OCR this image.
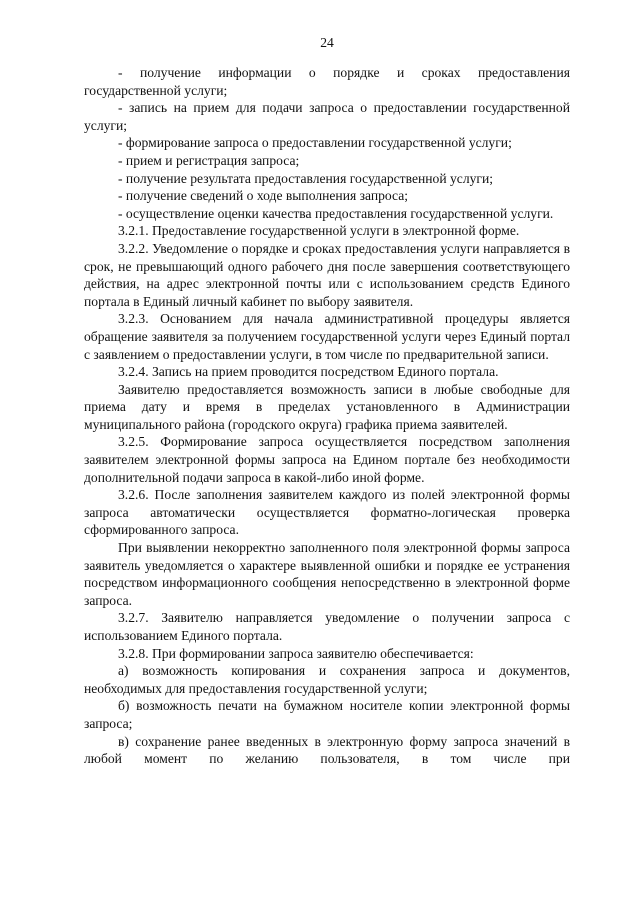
24

- получение информации о порядке и сроках предоставления государственной услуги;

- запись на прием для подачи запроса о предоставлении государственной услуги;

- формирование запроса о предоставлении государственной услуги;

- прием и регистрация запроса;

- получение результата предоставления государственной услуги;

- получение сведений о ходе выполнения запроса;

- осуществление оценки качества предоставления государственной услуги.

3.2.1. Предоставление государственной услуги в электронной форме.

3.2.2. Уведомление о порядке и сроках предоставления услуги направляется в срок, не превышающий одного рабочего дня после завершения соответствующего действия, на адрес электронной почты или с использованием средств Единого портала в Единый личный кабинет по выбору заявителя.

3.2.3. Основанием для начала административной процедуры является обращение заявителя за получением государственной услуги через Единый портал с заявлением о предоставлении услуги, в том числе по предварительной записи.

3.2.4. Запись на прием проводится посредством Единого портала.

Заявителю предоставляется возможность записи в любые свободные для приема дату и время в пределах установленного в Администрации муниципального района (городского округа) графика приема заявителей.

3.2.5. Формирование запроса осуществляется посредством заполнения заявителем электронной формы запроса на Едином портале без необходимости дополнительной подачи запроса в какой-либо иной форме.

3.2.6. После заполнения заявителем каждого из полей электронной формы запроса автоматически осуществляется форматно-логическая проверка сформированного запроса.

При выявлении некорректно заполненного поля электронной формы запроса заявитель уведомляется о характере выявленной ошибки и порядке ее устранения посредством информационного сообщения непосредственно в электронной форме запроса.

3.2.7. Заявителю направляется уведомление о получении запроса с использованием Единого портала.

3.2.8. При формировании запроса заявителю обеспечивается:

а) возможность копирования и сохранения запроса и документов, необходимых для предоставления государственной услуги;

б) возможность печати на бумажном носителе копии электронной формы запроса;

в) сохранение ранее введенных в электронную форму запроса значений в любой момент по желанию пользователя, в том числе при
